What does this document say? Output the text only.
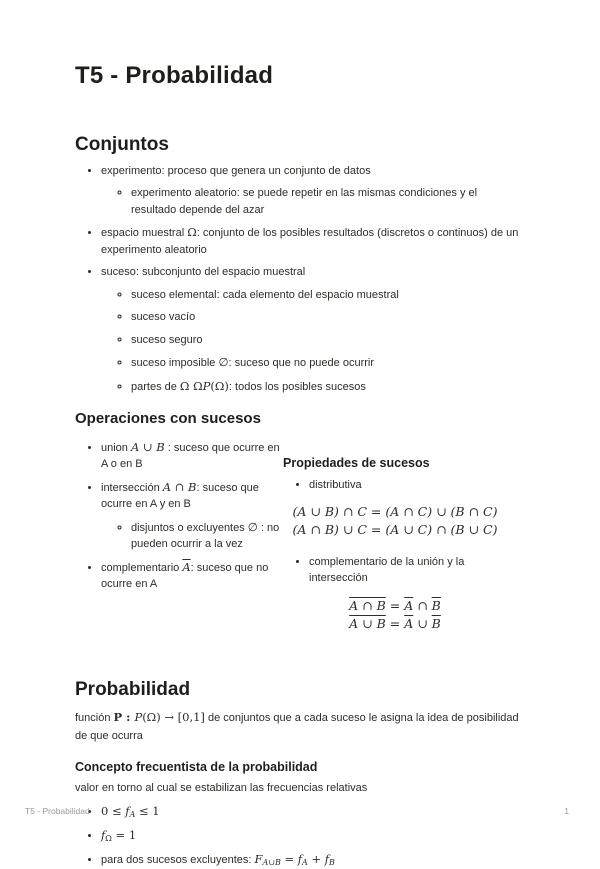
T5 - Probabilidad
Conjuntos
• experimento: proceso que genera un conjunto de datos
◦ experimento aleatorio: se puede repetir en las mismas condiciones y el resultado depende del azar
• espacio muestral Ω: conjunto de los posibles resultados (discretos o continuos) de un experimento aleatorio
• suceso: subconjunto del espacio muestral
◦ suceso elemental: cada elemento del espacio muestral
◦ suceso vacío
◦ suceso seguro
◦ suceso imposible ∅: suceso que no puede ocurrir
◦ partes de Ω ΩP(Ω): todos los posibles sucesos
Operaciones con sucesos
• union A ∪ B : suceso que ocurre en A o en B
• intersección A ∩ B: suceso que ocurre en A y en B
◦ disjuntos o excluyentes ∅ : no pueden ocurrir a la vez
• complementario $\overline{A}$: suceso que no ocurre en A
Propiedades de sucesos
• distributiva
(A ∪ B) ∩ C = (A ∩ C) ∪ (B ∩ C)
(A ∩ B) ∪ C = (A ∪ C) ∩ (B ∪ C)
• complementario de la unión y la intersección
A ∩ $B = \overline{A}$ ∩ $\overline{B}$
A ∪ $B = \overline{A}$ ∪ $\overline{B}$
Probabilidad

función P : P(Ω) → [0,1] de conjuntos que a cada suceso le asigna la idea de posibilidad de que ocurra

Concepto frecuentista de la probabilidad

valor en torno al cual se estabilizan las frecuencias relativas

• 0 ≤ fA ≤ 1
• fΩ = 1
• para dos sucesos excluyentes: FA∪B = fA + fB
T5 - Probabilidad	1
